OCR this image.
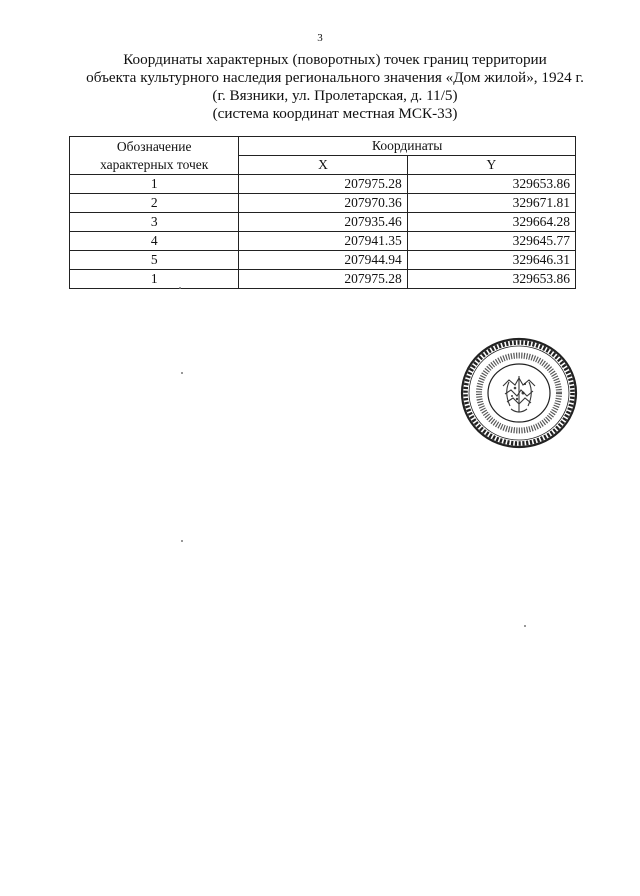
3
Координаты характерных (поворотных) точек границ территории
объекта культурного наследия регионального значения «Дом жилой», 1924 г.
(г. Вязники, ул. Пролетарская, д. 11/5)
(система координат местная МСК-33)
Обозначение
характерных точек	Координаты	
	X	Y
1	207975.28	329653.86
2	207970.36	329671.81
3	207935.46	329664.28
4	207941.35	329645.77
5	207944.94	329646.31
1	207975.28	329653.86
